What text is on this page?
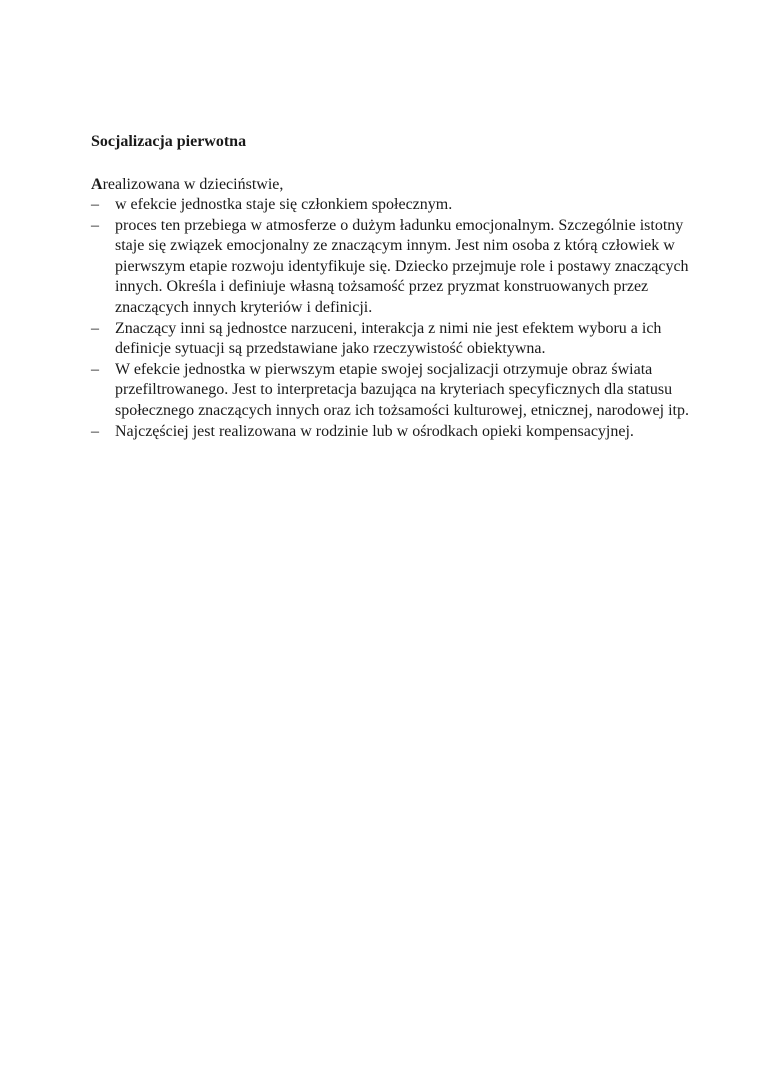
Socjalizacja pierwotna

Arealizowana w dzieciństwie,

– w efekcie jednostka staje się członkiem społecznym.
– proces ten przebiega w atmosferze o dużym ładunku emocjonalnym. Szczególnie istotny staje się związek emocjonalny ze znaczącym innym. Jest nim osoba z którą człowiek w pierwszym etapie rozwoju identyfikuje się. Dziecko przejmuje role i postawy znaczących innych. Określa i definiuje własną tożsamość przez pryzmat konstruowanych przez znaczących innych kryteriów i definicji.
– Znaczący inni są jednostce narzuceni, interakcja z nimi nie jest efektem wyboru a ich definicje sytuacji są przedstawiane jako rzeczywistość obiektywna.
– W efekcie jednostka w pierwszym etapie swojej socjalizacji otrzymuje obraz świata przefiltrowanego. Jest to interpretacja bazująca na kryteriach specyficznych dla statusu społecznego znaczących innych oraz ich tożsamości kulturowej, etnicznej, narodowej itp.
– Najczęściej jest realizowana w rodzinie lub w ośrodkach opieki kompensacyjnej.
